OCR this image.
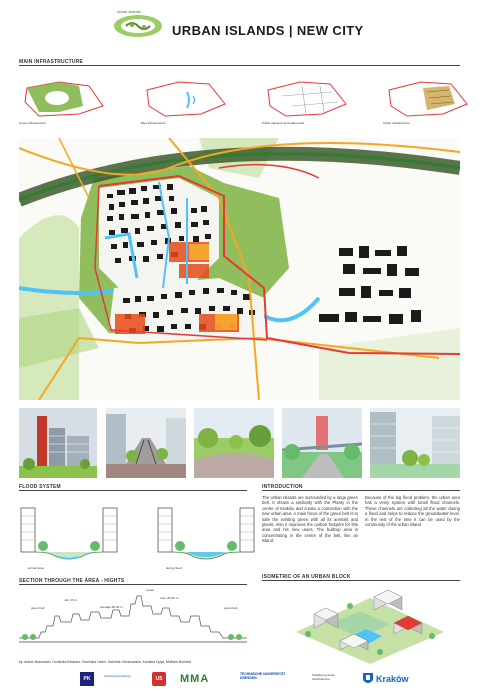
urban islands
URBAN ISLANDS | NEW CITY
MAIN INFRASTRUCTURE
Green Infrastructure	Blue Infrastructure	Public transport and walk-roads	Urban Infrastructure
FLOOD SYSTEM
normal slope	during flood
SECTION THROUGH THE AREA - HIGHTS
center
max. 80-60 m
min. 15 m
average 28-40 m
green belt	green belt
INTRODUCTION
The Urban Islands are surrounded by a large green belt. It shows a similarity with the Planty in the centre of Kraków and create a connection with the new urban area. A main focus of the green belt is to safe the existing green with all its animals and plants. Also it improves the carbon footprint for this area and his new users. The builtrup area is concentrating in the centre of the belt, like an island.
Because of the big flood problem, the urban area has a veiny system with small flood channels. These channels are collecting all the water during a flood and helps to reduce the groundwater level. In the rest of the time it can be used by the community of the urban island.
ISOMETRIC OF AN URBAN BLOCK
by: Antoni Branowski, Dominika Bednarz, Dominika Litwin, Gabriela Gierszowska, Karolina Opyd, Mathew Bochmit
PK	Wydział Architektury	US MMA	TECHNISCHE UNIVERSITÄT DRESDEN
Strasbourg école d'architecture	Kraków
